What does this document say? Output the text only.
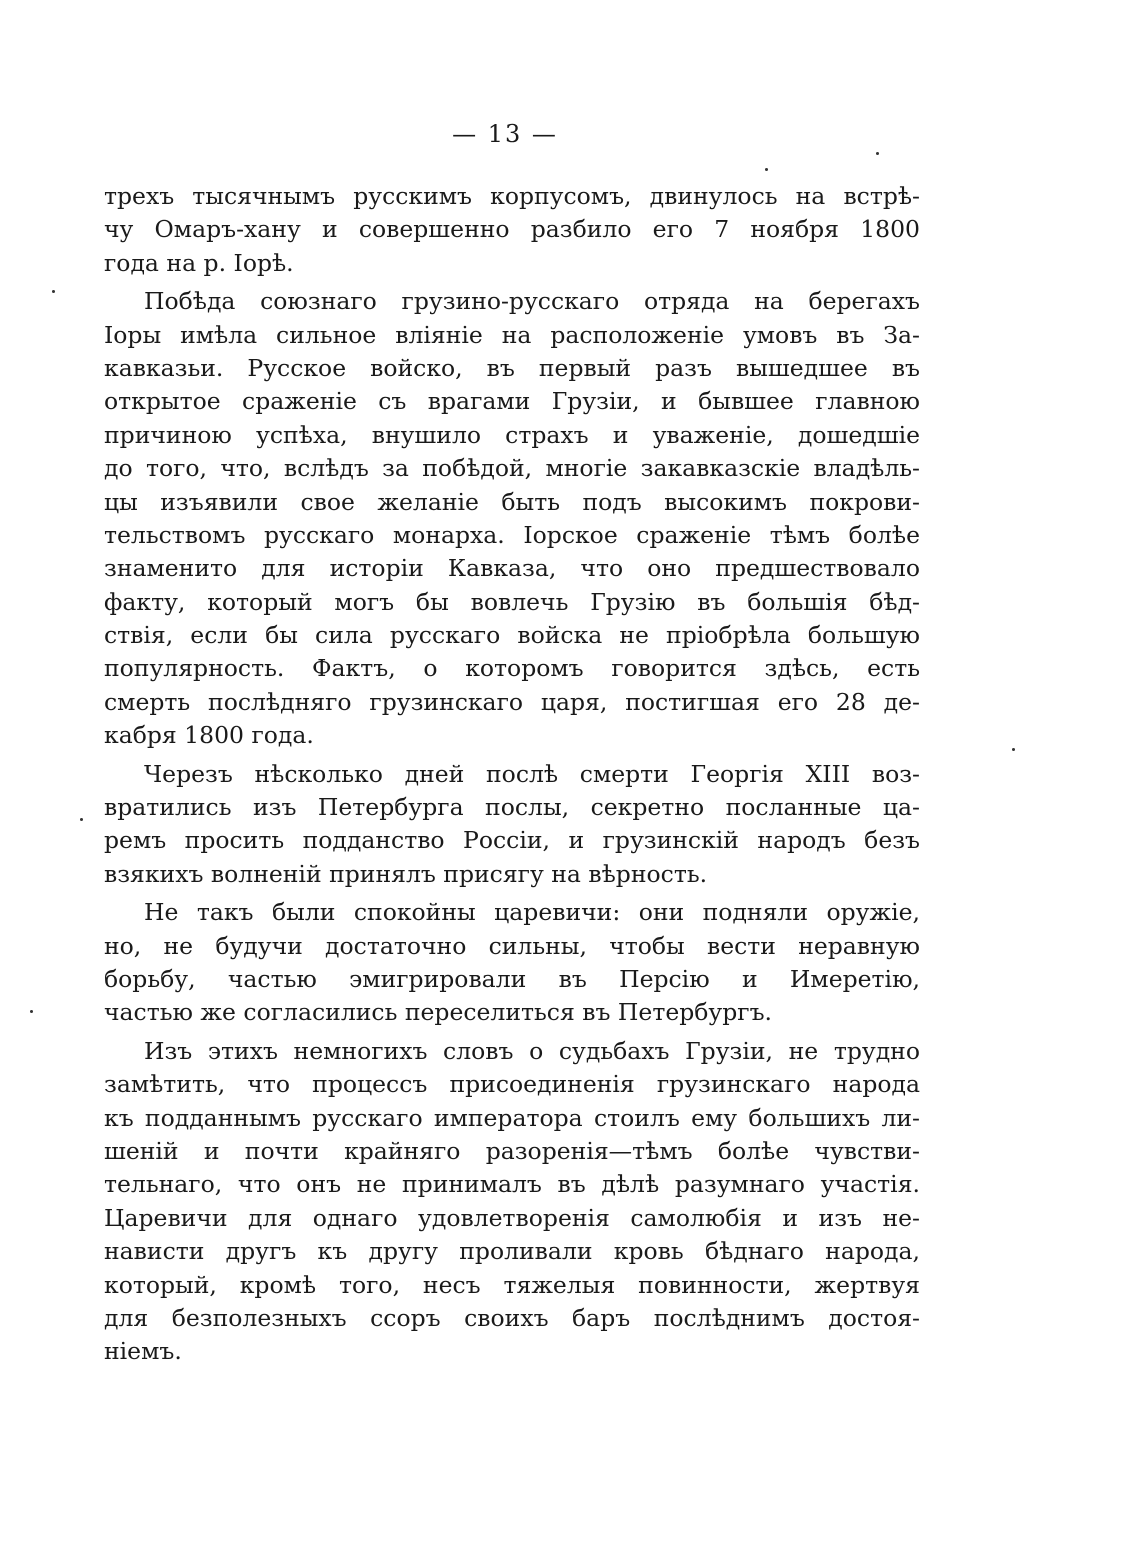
— 13 —
трехъ тысячнымъ русскимъ корпусомъ, двинулось на встрѣ-
чу Омаръ-хану и совершенно разбило его 7 ноября 1800
года на р. Іорѣ.
Побѣда союзнаго грузино-русскаго отряда на берегахъ
Іоры имѣла сильное вліяніе на расположеніе умовъ въ За-
кавказьи. Русское войско, въ первый разъ вышедшее въ
открытое сраженіе съ врагами Грузіи, и бывшее главною
причиною успѣха, внушило страхъ и уваженіе, дошедшіе
до того, что, вслѣдъ за побѣдой, многіе закавказскіе владѣль-
цы изъявили свое желаніе быть подъ высокимъ покрови-
тельствомъ русскаго монарха. Іорское сраженіе тѣмъ болѣе
знаменито для исторіи Кавказа, что оно предшествовало
факту, который могъ бы вовлечь Грузію въ большія бѣд-
ствія, если бы сила русскаго войска не пріобрѣла большую
популярность. Фактъ, о которомъ говорится здѣсь, есть
смерть послѣдняго грузинскаго царя, постигшая его 28 де-
кабря 1800 года.
Черезъ нѣсколько дней послѣ смерти Георгія XIII воз-
вратились изъ Петербурга послы, секретно посланные ца-
ремъ просить подданство Россіи, и грузинскій народъ безъ
взякихъ волненій принялъ присягу на вѣрность.
Не такъ были спокойны царевичи: они подняли оружіе,
но, не будучи достаточно сильны, чтобы вести неравную
борьбу, частью эмигрировали въ Персію и Имеретію,
частью же согласились переселиться въ Петербургъ.
Изъ этихъ немногихъ словъ о судьбахъ Грузіи, не трудно
замѣтить, что процессъ присоединенія грузинскаго народа
къ подданнымъ русскаго императора стоилъ ему большихъ ли-
шеній и почти крайняго разоренія—тѣмъ болѣе чувстви-
тельнаго, что онъ не принималъ въ дѣлѣ разумнаго участія.
Царевичи для однаго удовлетворенія самолюбія и изъ не-
нависти другъ къ другу проливали кровь бѣднаго народа,
который, кромѣ того, несъ тяжелыя повинности, жертвуя
для безполезныхъ ссоръ своихъ баръ послѣднимъ достоя-
ніемъ.
